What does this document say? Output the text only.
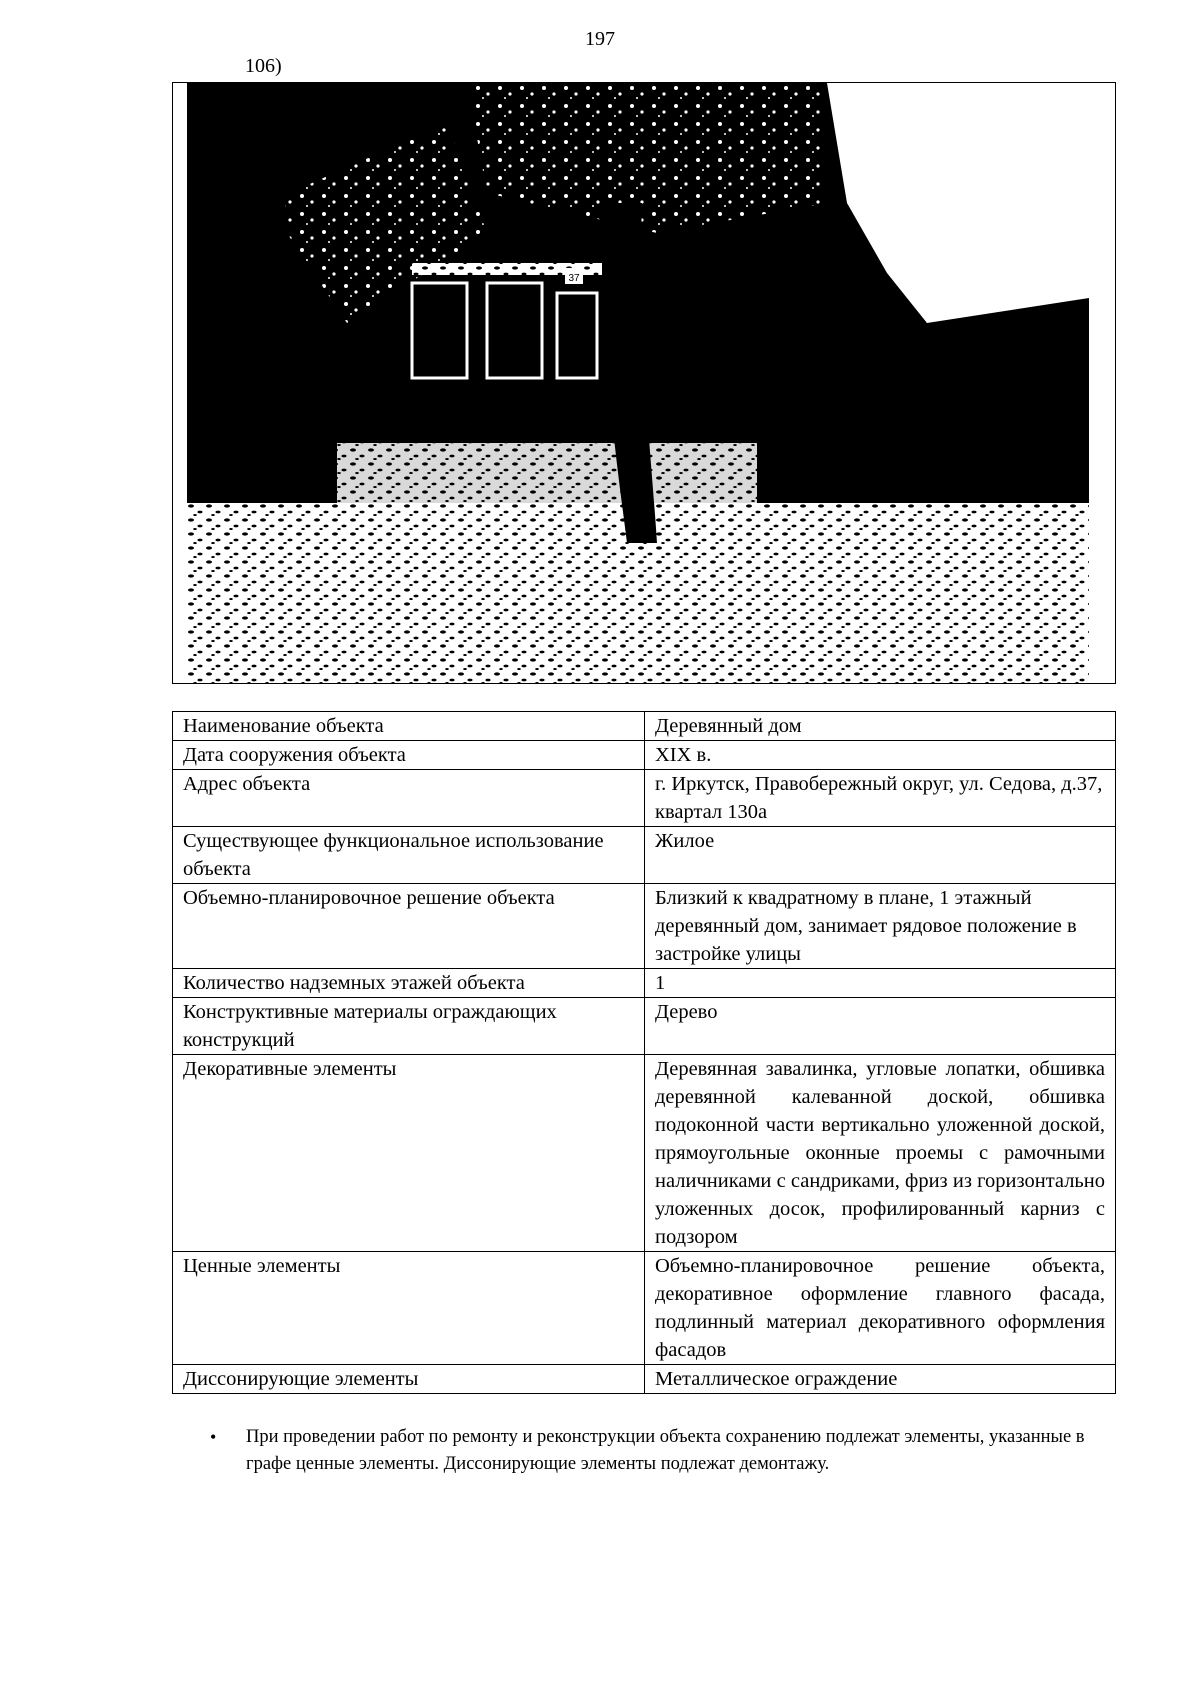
197
106)
37
Наименование объекта	Деревянный дом
Дата сооружения объекта	XIX в.
Адрес объекта	г. Иркутск, Правобережный округ, ул. Седова, д.37, квартал 130а
Существующее функциональное использование объекта	Жилое
Объемно-планировочное решение объекта	Близкий к квадратному в плане, 1 этажный деревянный дом, занимает рядовое положение в застройке улицы
Количество надземных этажей объекта	1
Конструктивные материалы ограждающих конструкций	Дерево
Декоративные элементы	Деревянная завалинка, угловые лопатки, обшивка деревянной калеванной доской, обшивка подоконной части вертикально уложенной доской, прямоугольные оконные проемы с рамочными наличниками с сандриками, фриз из горизонтально уложенных досок, профилированный карниз с подзором
Ценные элементы	Объемно-планировочное решение объекта, декоративное оформление главного фасада, подлинный материал декоративного оформления фасадов
Диссонирующие элементы	Металлическое ограждение
•	При проведении работ по ремонту и реконструкции объекта сохранению подлежат элементы, указанные в графе ценные элементы. Диссонирующие элементы подлежат демонтажу.
